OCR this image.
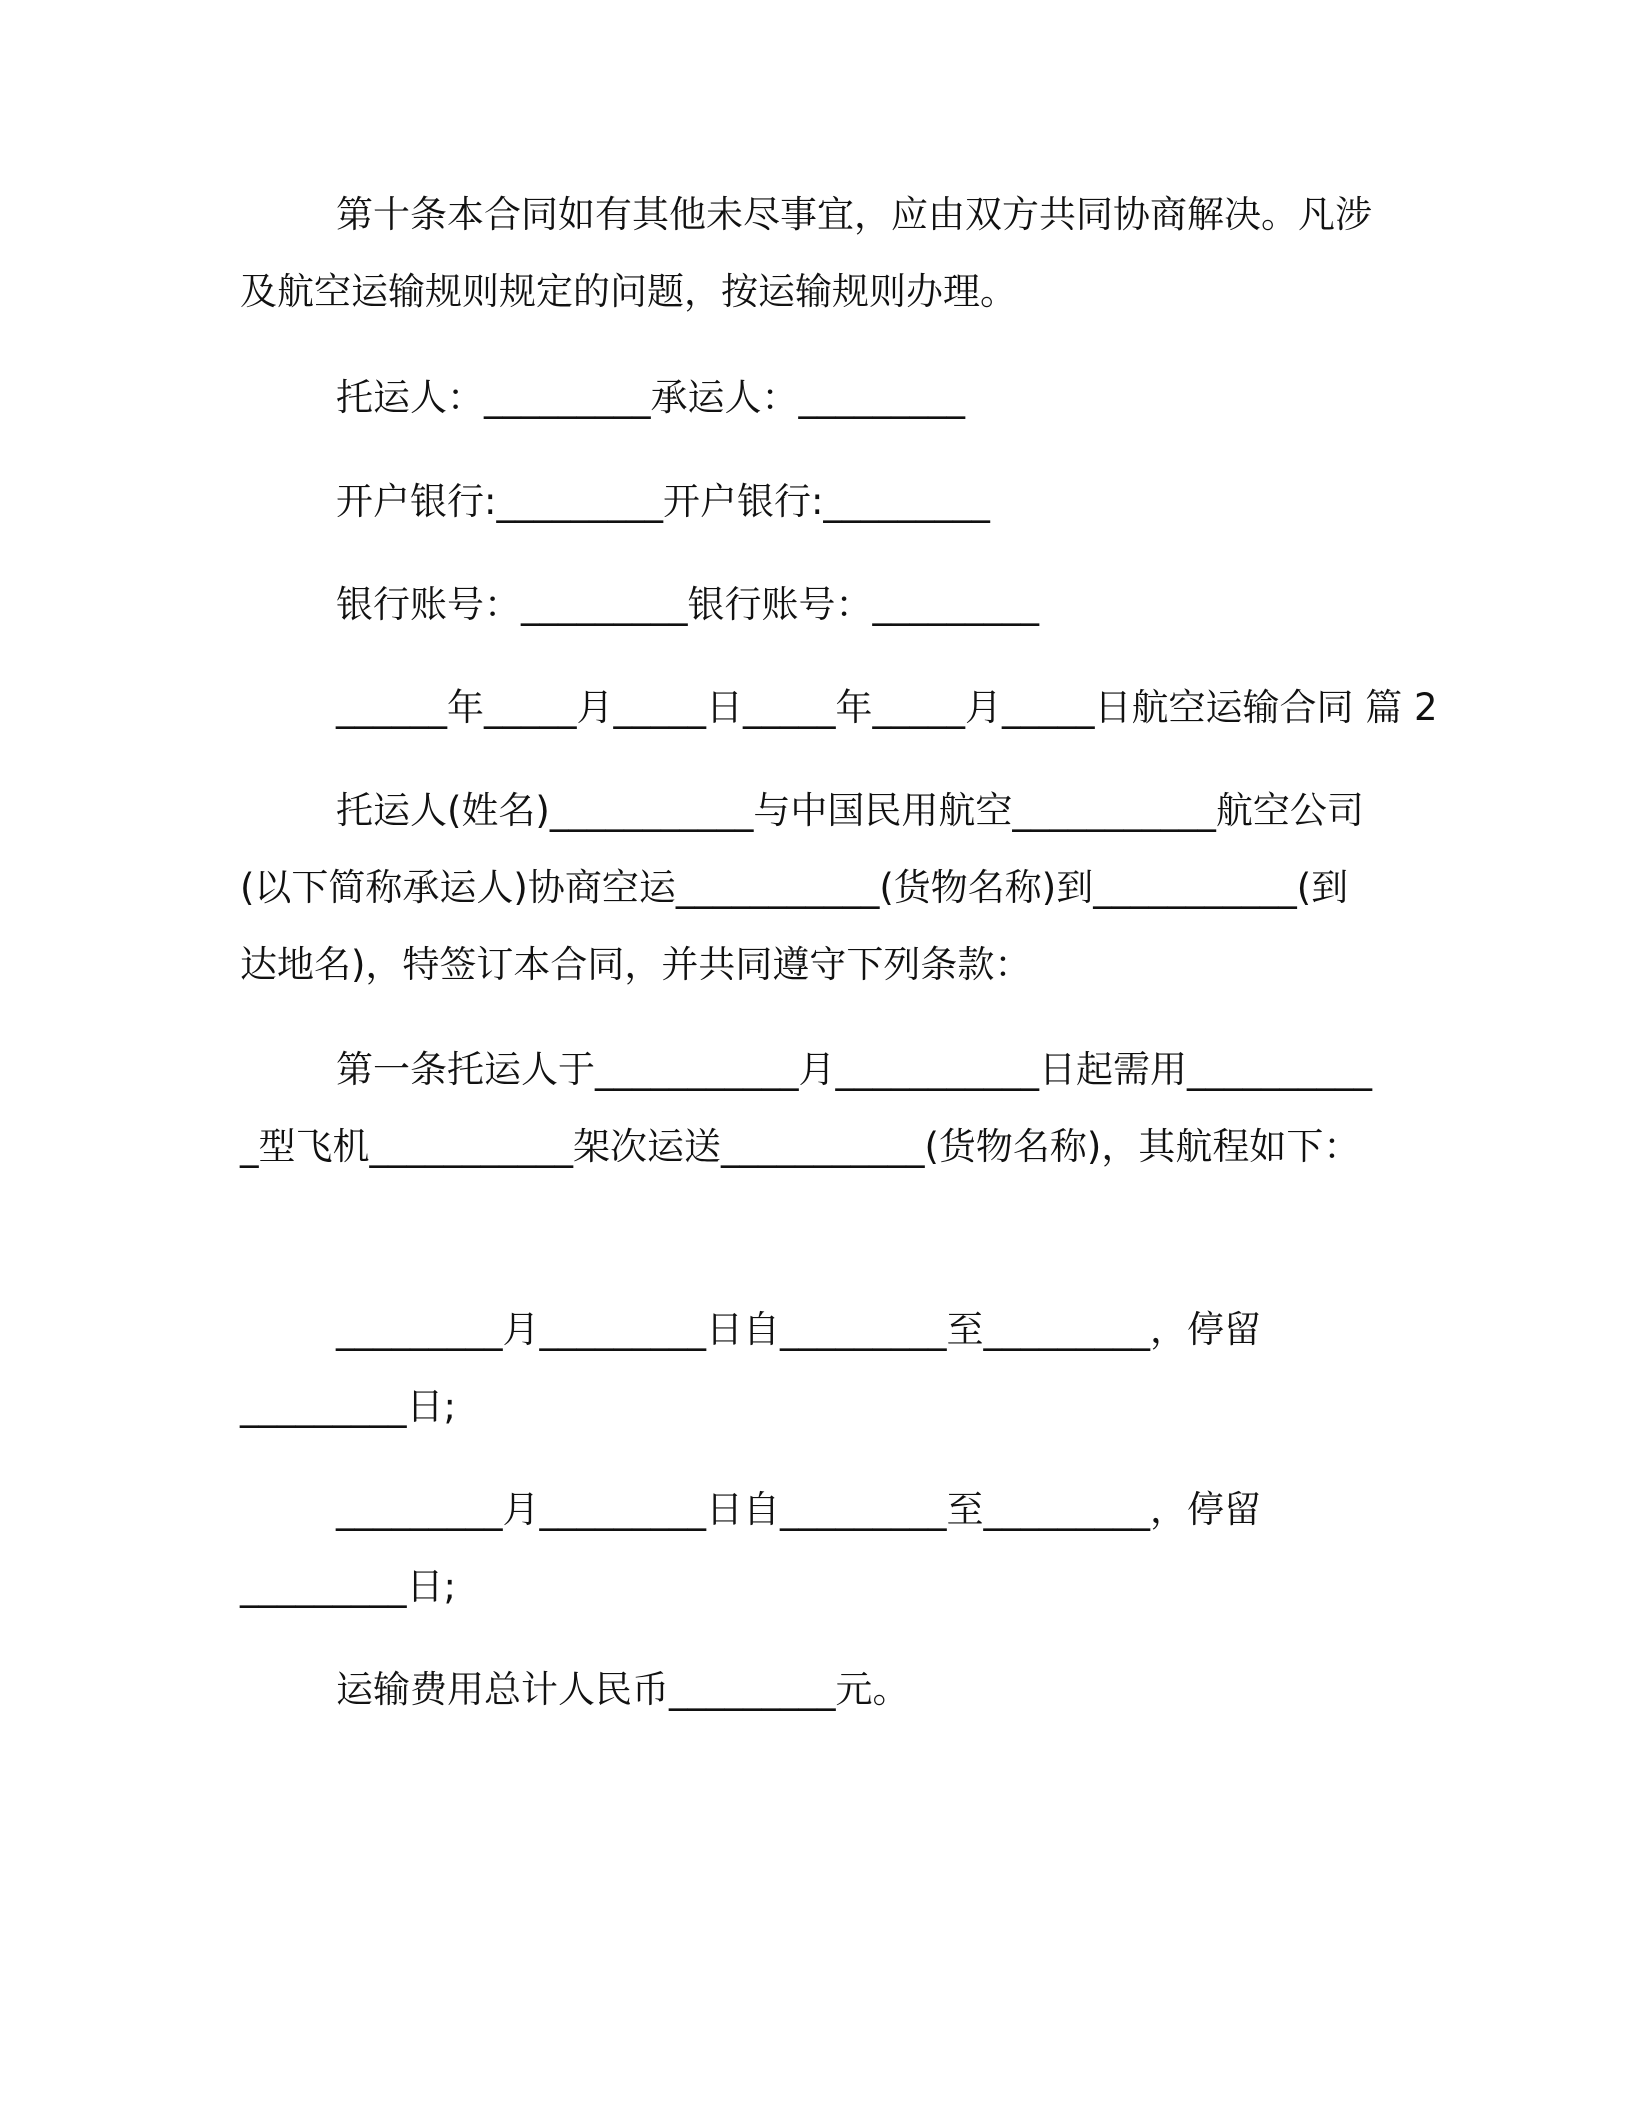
第十条本合同如有其他未尽事宜，应由双方共同协商解决。凡涉及航空运输规则规定的问题，按运输规则办理。

托运人：_________承运人：_________

开户银行:_________开户银行:_________

银行账号：_________银行账号：_________

______年_____月_____日_____年_____月_____日航空运输合同 篇 2

托运人(姓名)___________与中国民用航空___________航空公司(以下简称承运人)协商空运___________(货物名称)到___________(到达地名)，特签订本合同，并共同遵守下列条款：

第一条托运人于___________月___________日起需用___________型飞机___________架次运送___________(货物名称)，其航程如下：

_________月_________日自_________至_________，停留

_________日;

_________月_________日自_________至_________，停留

_________日;

运输费用总计人民币_________元。
